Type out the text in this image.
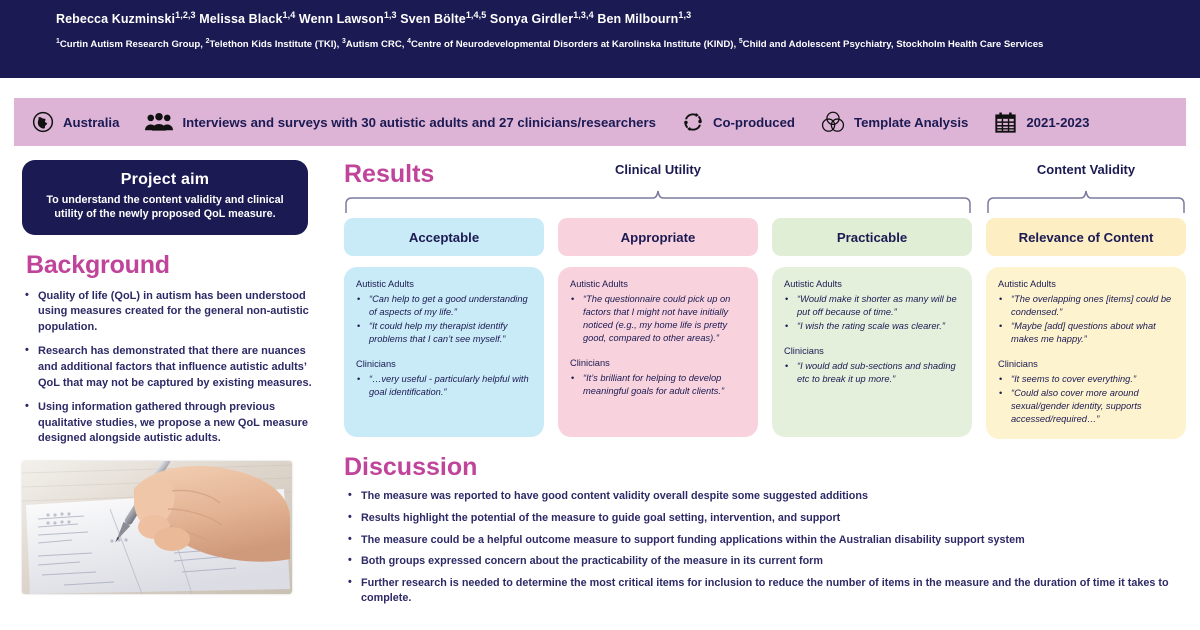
Rebecca Kuzminski$^{1,2,3}$ Melissa Black$^{1,4}$ Wenn Lawson$^{1,3}$ Sven Bölte$^{1,4,5}$ Sonya Girdler$^{1,3,4}$ Ben Milbourn$^{1,3}$
$^1$Curtin Autism Research Group, $^2$Telethon Kids Institute (TKI), $^3$Autism CRC, $^4$Centre of Neurodevelopmental Disorders at Karolinska Institute (KIND), $^5$Child and Adolescent Psychiatry, Stockholm Health Care Services
Australia	Interviews and surveys with 30 autistic adults and 27 clinicians/researchers	Co-produced	Template Analysis	2021-2023
Project aim
To understand the content validity and clinical utility of the newly proposed QoL measure.
Background
• Quality of life (QoL) in autism has been understood using measures created for the general non-autistic population.
• Research has demonstrated that there are nuances and additional factors that influence autistic adults’ QoL that may not be captured by existing measures.
• Using information gathered through previous qualitative studies, we propose a new QoL measure designed alongside autistic adults.
Results	Clinical Utility	Content Validity
Acceptable
Autistic Adults
• “Can help to get a good understanding of aspects of my life.”
• “It could help my therapist identify problems that I can’t see myself.”
Clinicians
• “…very useful - particularly helpful with goal identification.”
Appropriate
Autistic Adults
• “The questionnaire could pick up on factors that I might not have initially noticed (e.g., my home life is pretty good, compared to other areas).”
Clinicians
• “It’s brilliant for helping to develop meaningful goals for adult clients.”
Practicable
Autistic Adults
• “Would make it shorter as many will be put off because of time.”
• “I wish the rating scale was clearer.”
Clinicians
• “I would add sub-sections and shading etc to break it up more.”
Relevance of Content
Autistic Adults
• “The overlapping ones [items] could be condensed.”
• “Maybe [add] questions about what makes me happy.”
Clinicians
• “It seems to cover everything.”
• “Could also cover more around sexual/gender identity, supports accessed/required…”
Discussion
• The measure was reported to have good content validity overall despite some suggested additions
• Results highlight the potential of the measure to guide goal setting, intervention, and support
• The measure could be a helpful outcome measure to support funding applications within the Australian disability support system
• Both groups expressed concern about the practicability of the measure in its current form
• Further research is needed to determine the most critical items for inclusion to reduce the number of items in the measure and the duration of time it takes to complete.
